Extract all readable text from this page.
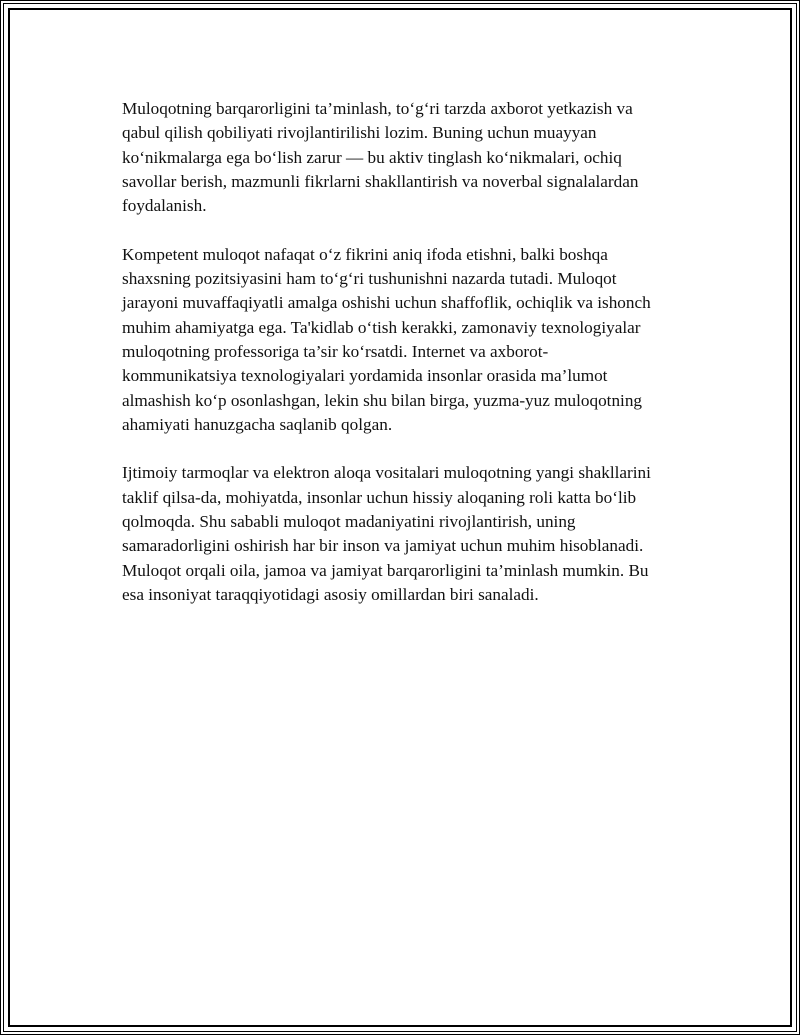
Muloqotning barqarorligini ta’minlash, to‘g‘ri tarzda axborot yetkazish va
qabul qilish qobiliyati rivojlantirilishi lozim. Buning uchun muayyan
ko‘nikmalarga ega bo‘lish zarur — bu aktiv tinglash ko‘nikmalari, ochiq
savollar berish, mazmunli fikrlarni shakllantirish va noverbal signalalardan
foydalanish.

Kompetent muloqot nafaqat o‘z fikrini aniq ifoda etishni, balki boshqa
shaxsning pozitsiyasini ham to‘g‘ri tushunishni nazarda tutadi. Muloqot
jarayoni muvaffaqiyatli amalga oshishi uchun shaffoflik, ochiqlik va ishonch
muhim ahamiyatga ega. Ta'kidlab o‘tish kerakki, zamonaviy texnologiyalar
muloqotning professoriga ta’sir ko‘rsatdi. Internet va axborot-
kommunikatsiya texnologiyalari yordamida insonlar orasida ma’lumot
almashish ko‘p osonlashgan, lekin shu bilan birga, yuzma-yuz muloqotning
ahamiyati hanuzgacha saqlanib qolgan.

Ijtimoiy tarmoqlar va elektron aloqa vositalari muloqotning yangi shakllarini
taklif qilsa-da, mohiyatda, insonlar uchun hissiy aloqaning roli katta bo‘lib
qolmoqda. Shu sababli muloqot madaniyatini rivojlantirish, uning
samaradorligini oshirish har bir inson va jamiyat uchun muhim hisoblanadi.
Muloqot orqali oila, jamoa va jamiyat barqarorligini ta’minlash mumkin. Bu
esa insoniyat taraqqiyotidagi asosiy omillardan biri sanaladi.
